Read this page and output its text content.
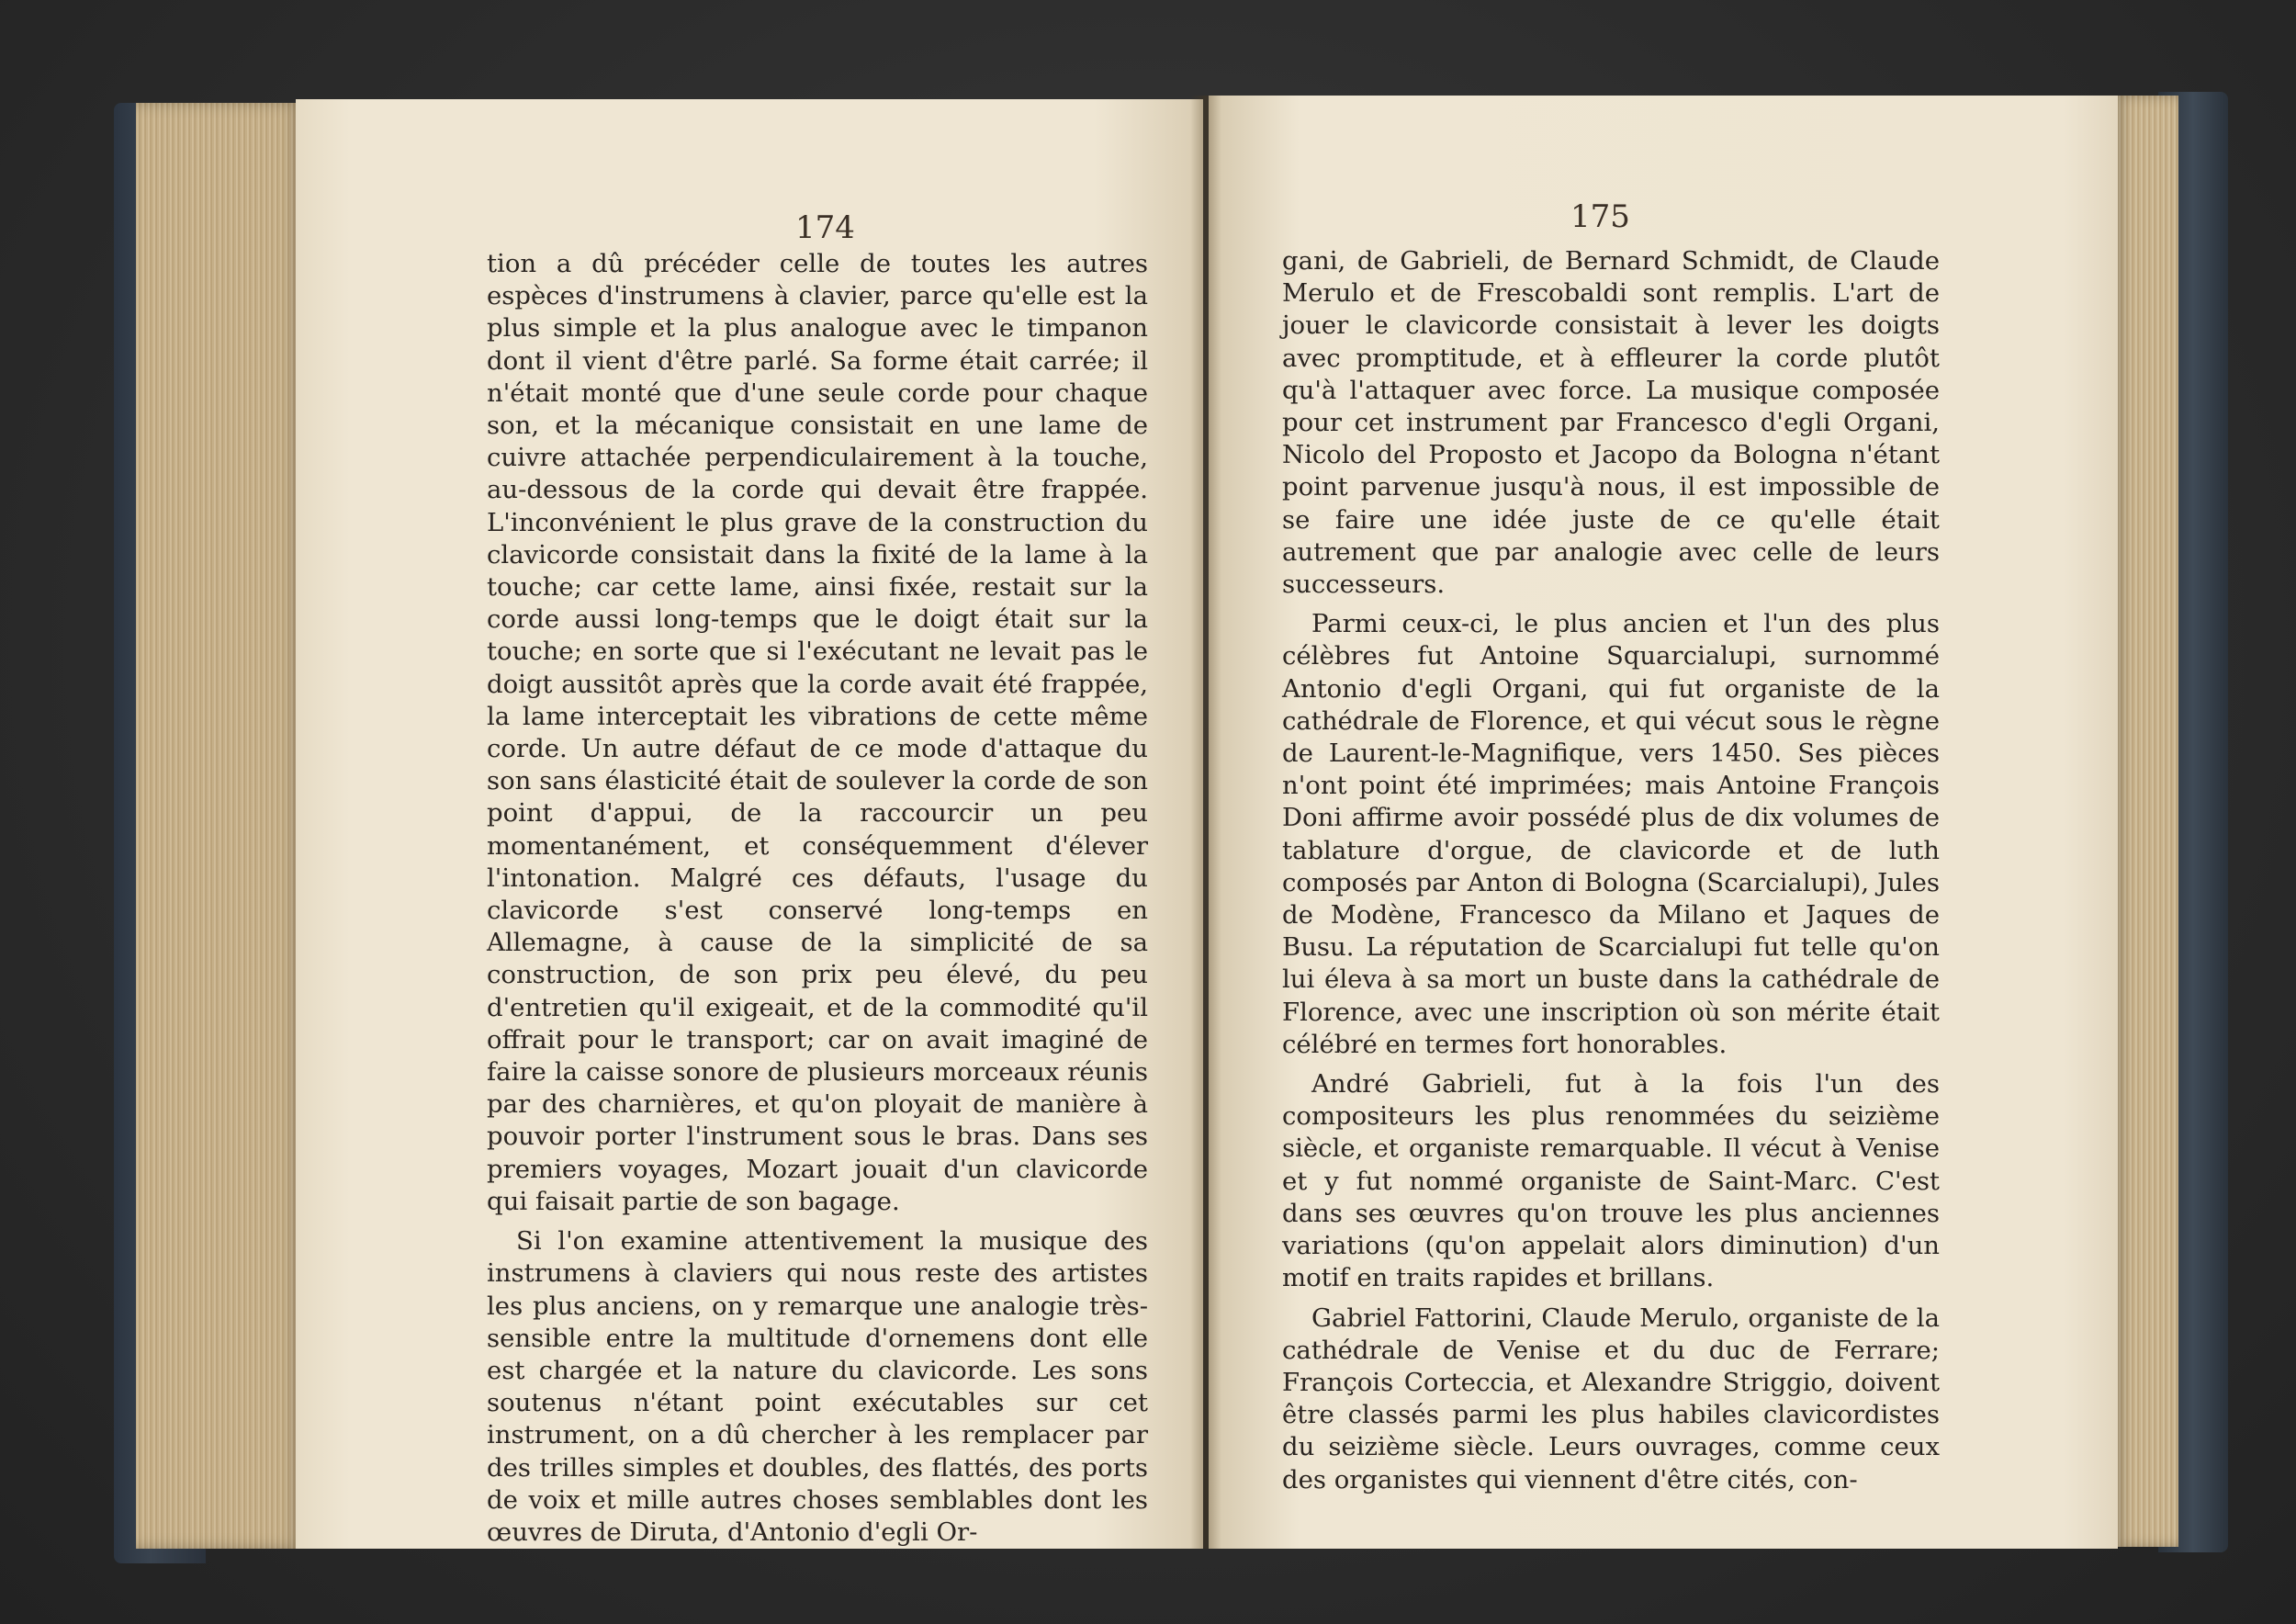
174	175

tion a dû précéder celle de toutes les autres espèces d'instrumens à clavier, parce qu'elle est la plus simple et la plus analogue avec le timpanon dont il vient d'être parlé. Sa forme était carrée; il n'était monté que d'une seule corde pour chaque son, et la mécanique consistait en une lame de cuivre attachée perpendiculairement à la touche, au-dessous de la corde qui devait être frappée. L'inconvénient le plus grave de la construction du clavicorde consistait dans la fixité de la lame à la touche; car cette lame, ainsi fixée, restait sur la corde aussi long-temps que le doigt était sur la touche; en sorte que si l'exécutant ne levait pas le doigt aussitôt après que la corde avait été frappée, la lame interceptait les vibrations de cette même corde. Un autre défaut de ce mode d'attaque du son sans élasticité était de soulever la corde de son point d'appui, de la raccourcir un peu momentanément, et conséquemment d'élever l'intonation. Malgré ces défauts, l'usage du clavicorde s'est conservé long-temps en Allemagne, à cause de la simplicité de sa construction, de son prix peu élevé, du peu d'entretien qu'il exigeait, et de la commodité qu'il offrait pour le transport; car on avait imaginé de faire la caisse sonore de plusieurs morceaux réunis par des charnières, et qu'on ployait de manière à pouvoir porter l'instrument sous le bras. Dans ses premiers voyages, Mozart jouait d'un clavicorde qui faisait partie de son bagage.

Si l'on examine attentivement la musique des instrumens à claviers qui nous reste des artistes les plus anciens, on y remarque une analogie très-sensible entre la multitude d'ornemens dont elle est chargée et la nature du clavicorde. Les sons soutenus n'étant point exécutables sur cet instrument, on a dû chercher à les remplacer par des trilles simples et doubles, des flattés, des ports de voix et mille autres choses semblables dont les œuvres de Diruta, d'Antonio d'egli Or-

gani, de Gabrieli, de Bernard Schmidt, de Claude Merulo et de Frescobaldi sont remplis. L'art de jouer le clavicorde consistait à lever les doigts avec promptitude, et à effleurer la corde plutôt qu'à l'attaquer avec force. La musique composée pour cet instrument par Francesco d'egli Organi, Nicolo del Proposto et Jacopo da Bologna n'étant point parvenue jusqu'à nous, il est impossible de se faire une idée juste de ce qu'elle était autrement que par analogie avec celle de leurs successeurs.

Parmi ceux-ci, le plus ancien et l'un des plus célèbres fut Antoine Squarcialupi, surnommé Antonio d'egli Organi, qui fut organiste de la cathédrale de Florence, et qui vécut sous le règne de Laurent-le-Magnifique, vers 1450. Ses pièces n'ont point été imprimées; mais Antoine François Doni affirme avoir possédé plus de dix volumes de tablature d'orgue, de clavicorde et de luth composés par Anton di Bologna (Scarcialupi), Jules de Modène, Francesco da Milano et Jaques de Busu. La réputation de Scarcialupi fut telle qu'on lui éleva à sa mort un buste dans la cathédrale de Florence, avec une inscription où son mérite était célébré en termes fort honorables.

André Gabrieli, fut à la fois l'un des compositeurs les plus renommées du seizième siècle, et organiste remarquable. Il vécut à Venise et y fut nommé organiste de Saint-Marc. C'est dans ses œuvres qu'on trouve les plus anciennes variations (qu'on appelait alors diminution) d'un motif en traits rapides et brillans.

Gabriel Fattorini, Claude Merulo, organiste de la cathédrale de Venise et du duc de Ferrare; François Corteccia, et Alexandre Striggio, doivent être classés parmi les plus habiles clavicordistes du seizième siècle. Leurs ouvrages, comme ceux des organistes qui viennent d'être cités, con-
